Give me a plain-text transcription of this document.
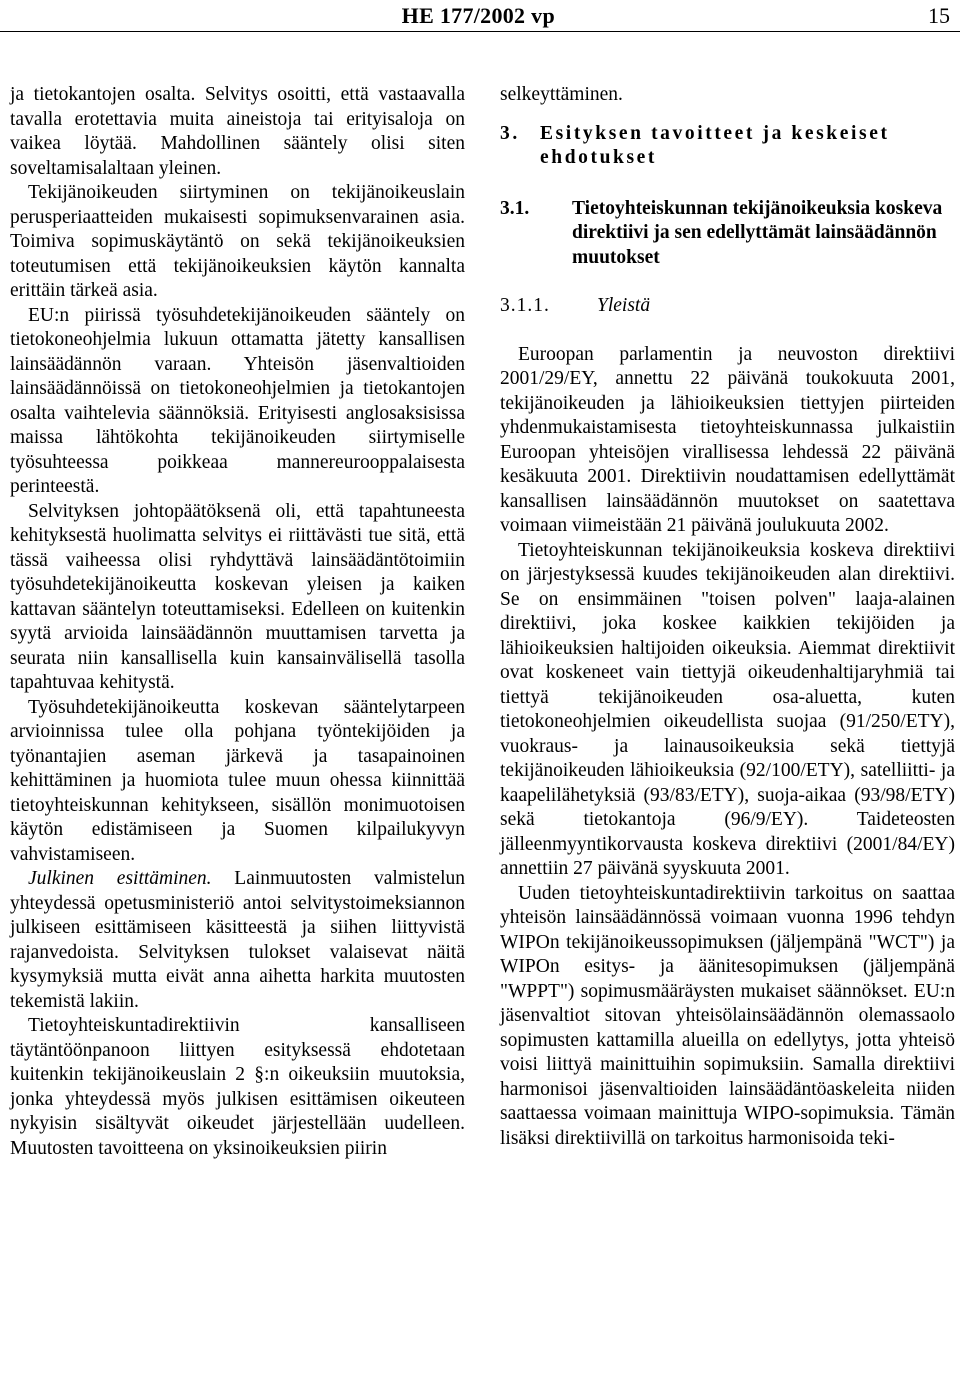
HE 177/2002 vp	15

ja tietokantojen osalta. Selvitys osoitti, että vastaavalla tavalla erotettavia muita aineistoja tai erityisaloja on vaikea löytää. Mahdollinen sääntely olisi siten soveltamisalaltaan yleinen.

Tekijänoikeuden siirtyminen on tekijänoikeuslain perusperiaatteiden mukaisesti sopimuksenvarainen asia. Toimiva sopimuskäytäntö on sekä tekijänoikeuksien toteutumisen että tekijänoikeuksien käytön kannalta erittäin tärkeä asia.

EU:n piirissä työsuhdetekijänoikeuden sääntely on tietokoneohjelmia lukuun ottamatta jätetty kansallisen lainsäädännön varaan. Yhteisön jäsenvaltioiden lainsäädännöissä on tietokoneohjelmien ja tietokantojen osalta vaihtelevia säännöksiä. Erityisesti anglosaksisissa maissa lähtökohta tekijänoikeuden siirtymiselle työsuhteessa poikkeaa mannereurooppalaisesta perinteestä.

Selvityksen johtopäätöksenä oli, että tapahtuneesta kehityksestä huolimatta selvitys ei riittävästi tue sitä, että tässä vaiheessa olisi ryhdyttävä lainsäädäntötoimiin työsuhdetekijänoikeutta koskevan yleisen ja kaiken kattavan sääntelyn toteuttamiseksi. Edelleen on kuitenkin syytä arvioida lainsäädännön muuttamisen tarvetta ja seurata niin kansallisella kuin kansainvälisellä tasolla tapahtuvaa kehitystä.

Työsuhdetekijänoikeutta koskevan sääntelytarpeen arvioinnissa tulee olla pohjana työntekijöiden ja työnantajien aseman järkevä ja tasapainoinen kehittäminen ja huomiota tulee muun ohessa kiinnittää tietoyhteiskunnan kehitykseen, sisällön monimuotoisen käytön edistämiseen ja Suomen kilpailukyvyn vahvistamiseen.

Julkinen esittäminen. Lainmuutosten valmistelun yhteydessä opetusministeriö antoi selvitystoimeksiannon julkiseen esittämiseen käsitteestä ja siihen liittyvistä rajanvedoista. Selvityksen tulokset valaisevat näitä kysymyksiä mutta eivät anna aihetta harkita muutosten tekemistä lakiin.

Tietoyhteiskuntadirektiivin kansalliseen täytäntöönpanoon liittyen esityksessä ehdotetaan kuitenkin tekijänoikeuslain 2 §:n oikeuksiin muutoksia, jonka yhteydessä myös julkisen esittämisen oikeuteen nykyisin sisältyvät oikeudet järjestellään uudelleen. Muutosten tavoitteena on yksinoikeuksien piirin

selkeyttäminen.

3.	Esityksen tavoitteet ja keskeiset ehdotukset
3.1.	Tietoyhteiskunnan tekijänoikeuksia koskeva direktiivi ja sen edellyttämät lainsäädännön muutokset
3.1.1.	Yleistä

Euroopan parlamentin ja neuvoston direktiivi 2001/29/EY, annettu 22 päivänä toukokuuta 2001, tekijänoikeuden ja lähioikeuksien tiettyjen piirteiden yhdenmukaistamisesta tietoyhteiskunnassa julkaistiin Euroopan yhteisöjen virallisessa lehdessä 22 päivänä kesäkuuta 2001. Direktiivin noudattamisen edellyttämät kansallisen lainsäädännön muutokset on saatettava voimaan viimeistään 21 päivänä joulukuuta 2002.

Tietoyhteiskunnan tekijänoikeuksia koskeva direktiivi on järjestyksessä kuudes tekijänoikeuden alan direktiivi. Se on ensimmäinen "toisen polven" laaja-alainen direktiivi, joka koskee kaikkien tekijöiden ja lähioikeuksien haltijoiden oikeuksia. Aiemmat direktiivit ovat koskeneet vain tiettyjä oikeudenhaltijaryhmiä tai tiettyä tekijänoikeuden osa-aluetta, kuten tietokoneohjelmien oikeudellista suojaa (91/250/ETY), vuokraus- ja lainausoikeuksia sekä tiettyjä tekijänoikeuden lähioikeuksia (92/100/ETY), satelliitti- ja kaapelilähetyksiä (93/83/ETY), suoja-aikaa (93/98/ETY) sekä tietokantoja (96/9/EY). Taideteosten jälleenmyyntikorvausta koskeva direktiivi (2001/84/EY) annettiin 27 päivänä syyskuuta 2001.

Uuden tietoyhteiskuntadirektiivin tarkoitus on saattaa yhteisön lainsäädännössä voimaan vuonna 1996 tehdyn WIPOn tekijänoikeussopimuksen (jäljempänä "WCT") ja WIPOn esitys- ja äänitesopimuksen (jäljempänä "WPPT") sopimusmääräysten mukaiset säännökset. EU:n jäsenvaltiot sitovan yhteisölainsäädännön olemassaolo sopimusten kattamilla alueilla on edellytys, jotta yhteisö voisi liittyä mainittuihin sopimuksiin. Samalla direktiivi harmonisoi jäsenvaltioiden lainsäädäntöaskeleita niiden saattaessa voimaan mainittuja WIPO-sopimuksia. Tämän lisäksi direktiivillä on tarkoitus harmonisoida teki-
